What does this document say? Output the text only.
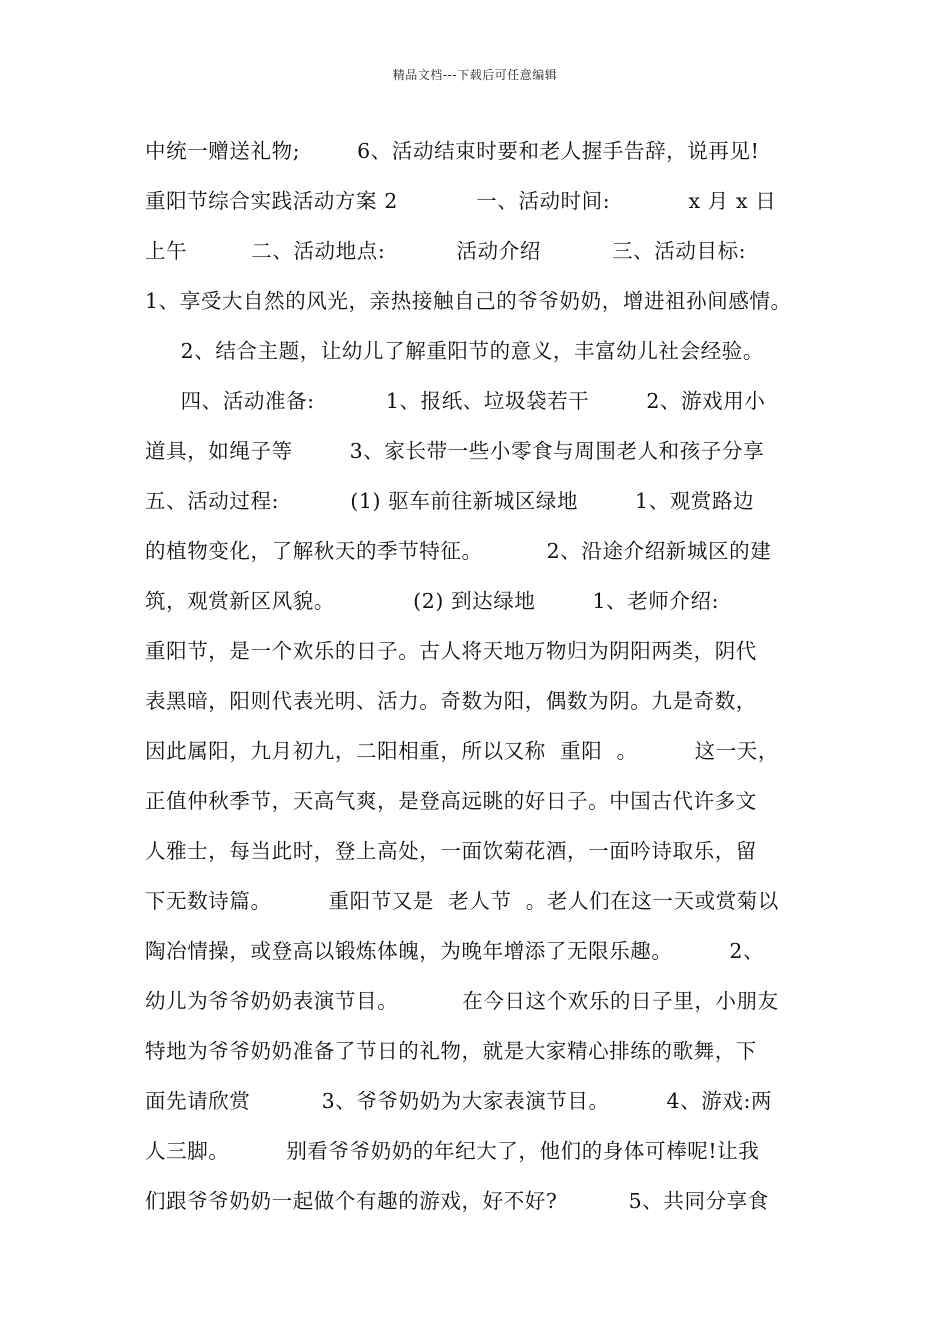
精品文档---下载后可任意编辑
中统一赠送礼物;        6、活动结束时要和老人握手告辞，说再见!
重阳节综合实践活动方案 2           一、活动时间:           x 月 x 日
上午         二、活动地点:          活动介绍          三、活动目标:
1、享受大自然的风光，亲热接触自己的爷爷奶奶，增进祖孙间感情。
2、结合主题，让幼儿了解重阳节的意义，丰富幼儿社会经验。
四、活动准备:          1、报纸、垃圾袋若干        2、游戏用小
道具，如绳子等        3、家长带一些小零食与周围老人和孩子分享
五、活动过程:          (1) 驱车前往新城区绿地        1、观赏路边
的植物变化，了解秋天的季节特征。         2、沿途介绍新城区的建
筑，观赏新区风貌。           (2) 到达绿地        1、老师介绍:
重阳节，是一个欢乐的日子。古人将天地万物归为阴阳两类，阴代
表黑暗，阳则代表光明、活力。奇数为阳，偶数为阴。九是奇数，
因此属阳，九月初九，二阳相重，所以又称  重阳  。        这一天，
正值仲秋季节，天高气爽，是登高远眺的好日子。中国古代许多文
人雅士，每当此时，登上高处，一面饮菊花酒，一面吟诗取乐，留
下无数诗篇。        重阳节又是  老人节  。老人们在这一天或赏菊以
陶冶情操，或登高以锻炼体魄，为晚年增添了无限乐趣。        2、
幼儿为爷爷奶奶表演节目。         在今日这个欢乐的日子里，小朋友
特地为爷爷奶奶准备了节日的礼物，就是大家精心排练的歌舞，下
面先请欣赏          3、爷爷奶奶为大家表演节目。        4、游戏:两
人三脚。        别看爷爷奶奶的年纪大了，他们的身体可棒呢!让我
们跟爷爷奶奶一起做个有趣的游戏，好不好?          5、共同分享食
